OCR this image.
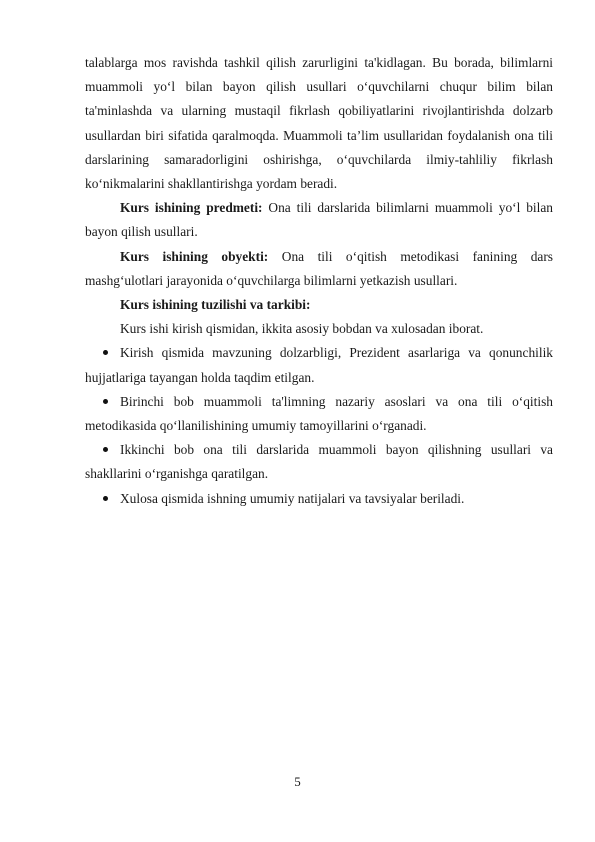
talablarga mos ravishda tashkil qilish zarurligini ta'kidlagan. Bu borada, bilimlarni muammoli yo‘l bilan bayon qilish usullari o‘quvchilarni chuqur bilim bilan ta'minlashda va ularning mustaqil fikrlash qobiliyatlarini rivojlantirishda dolzarb usullardan biri sifatida qaralmoqda. Muammoli ta’lim usullaridan foydalanish ona tili darslarining samaradorligini oshirishga, o‘quvchilarda ilmiy-tahliliy fikrlash ko‘nikmalarini shakllantirishga yordam beradi.

Kurs ishining predmeti: Ona tili darslarida bilimlarni muammoli yo‘l bilan bayon qilish usullari.

Kurs ishining obyekti: Ona tili o‘qitish metodikasi fanining dars mashg‘ulotlari jarayonida o‘quvchilarga bilimlarni yetkazish usullari.

Kurs ishining tuzilishi va tarkibi:

Kurs ishi kirish qismidan, ikkita asosiy bobdan va xulosadan iborat.

Kirish qismida mavzuning dolzarbligi, Prezident asarlariga va qonunchilik hujjatlariga tayangan holda taqdim etilgan.

Birinchi bob muammoli ta'limning nazariy asoslari va ona tili o‘qitish metodikasida qo‘llanilishining umumiy tamoyillarini o‘rganadi.

Ikkinchi bob ona tili darslarida muammoli bayon qilishning usullari va shakllarini o‘rganishga qaratilgan.

Xulosa qismida ishning umumiy natijalari va tavsiyalar beriladi.

5
